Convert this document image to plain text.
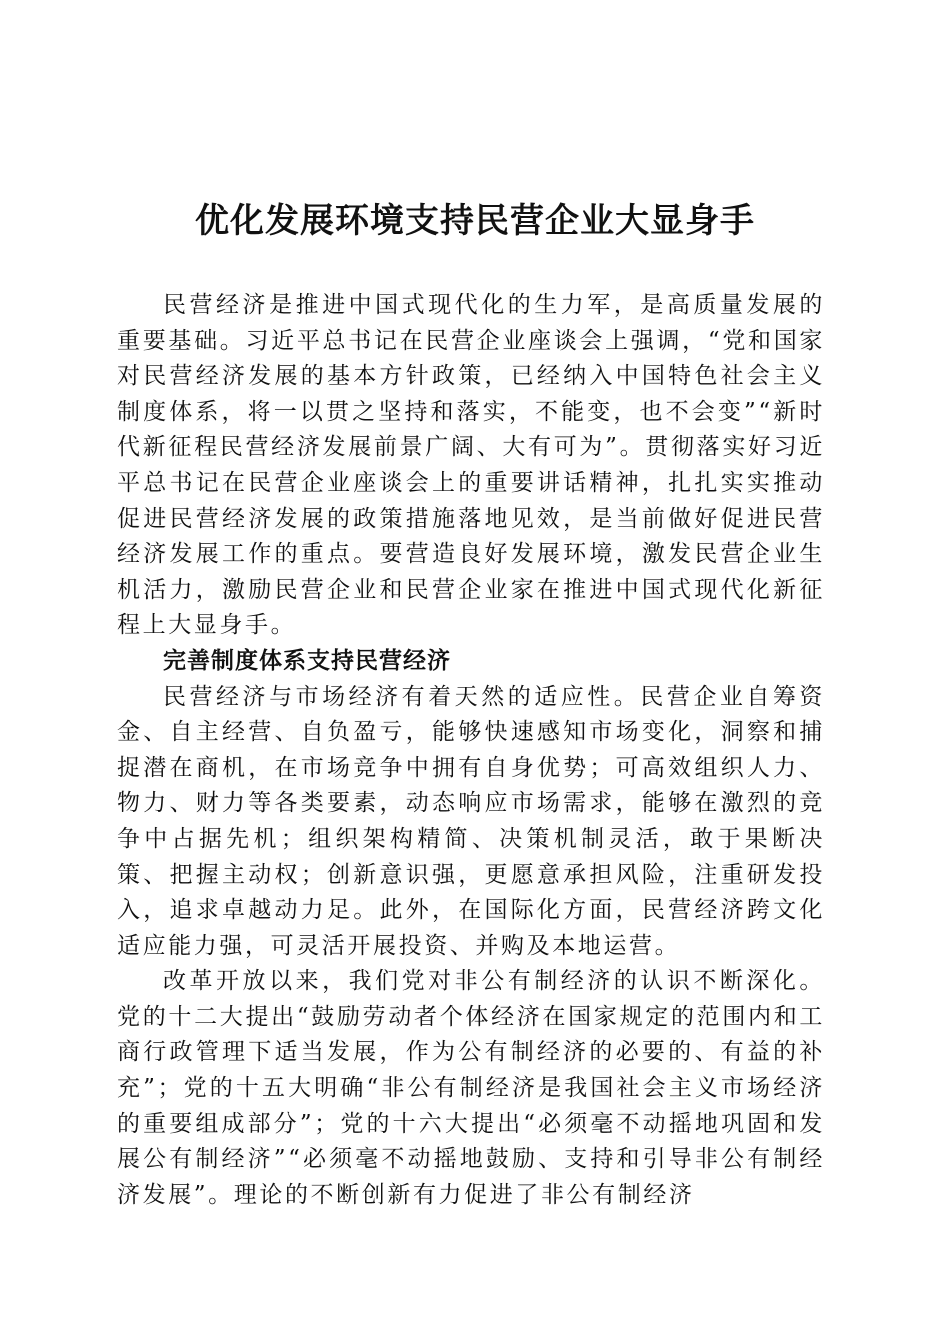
优化发展环境支持民营企业大显身手

民营经济是推进中国式现代化的生力军，是高质量发展的重要基础。习近平总书记在民营企业座谈会上强调，“党和国家对民营经济发展的基本方针政策，已经纳入中国特色社会主义制度体系，将一以贯之坚持和落实，不能变，也不会变”“新时代新征程民营经济发展前景广阔、大有可为”。贯彻落实好习近平总书记在民营企业座谈会上的重要讲话精神，扎扎实实推动促进民营经济发展的政策措施落地见效，是当前做好促进民营经济发展工作的重点。要营造良好发展环境，激发民营企业生机活力，激励民营企业和民营企业家在推进中国式现代化新征程上大显身手。

完善制度体系支持民营经济

民营经济与市场经济有着天然的适应性。民营企业自筹资金、自主经营、自负盈亏，能够快速感知市场变化，洞察和捕捉潜在商机，在市场竞争中拥有自身优势；可高效组织人力、物力、财力等各类要素，动态响应市场需求，能够在激烈的竞争中占据先机；组织架构精简、决策机制灵活，敢于果断决策、把握主动权；创新意识强，更愿意承担风险，注重研发投入，追求卓越动力足。此外，在国际化方面，民营经济跨文化适应能力强，可灵活开展投资、并购及本地运营。

改革开放以来，我们党对非公有制经济的认识不断深化。党的十二大提出“鼓励劳动者个体经济在国家规定的范围内和工商行政管理下适当发展，作为公有制经济的必要的、有益的补充”；党的十五大明确“非公有制经济是我国社会主义市场经济的重要组成部分”；党的十六大提出“必须毫不动摇地巩固和发展公有制经济”“必须毫不动摇地鼓励、支持和引导非公有制经济发展”。理论的不断创新有力促进了非公有制经济
